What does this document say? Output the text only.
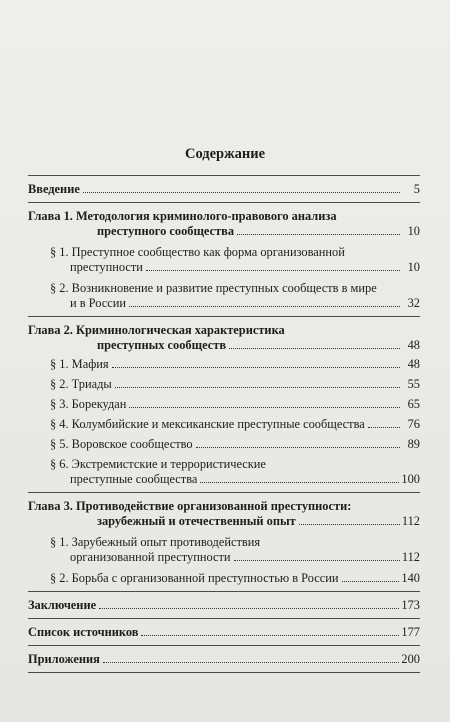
Содержание
Введение	5
Глава 1. Методология криминолого-правового анализа
преступного сообщества	10
§ 1. Преступное сообщество как форма организованной
преступности	10
§ 2. Возникновение и развитие преступных сообществ в мире
и в России	32
Глава 2. Криминологическая характеристика
преступных сообществ	48
§ 1. Мафия	48
§ 2. Триады	55
§ 3. Борекудан	65
§ 4. Колумбийские и мексиканские преступные сообщества	76
§ 5. Воровское сообщество	89
§ 6. Экстремистские и террористические
преступные сообщества	100
Глава 3. Противодействие организованной преступности:
зарубежный и отечественный опыт	112
§ 1. Зарубежный опыт противодействия
организованной преступности	112
§ 2. Борьба с организованной преступностью в России	140
Заключение	173
Список источников	177
Приложения	200
